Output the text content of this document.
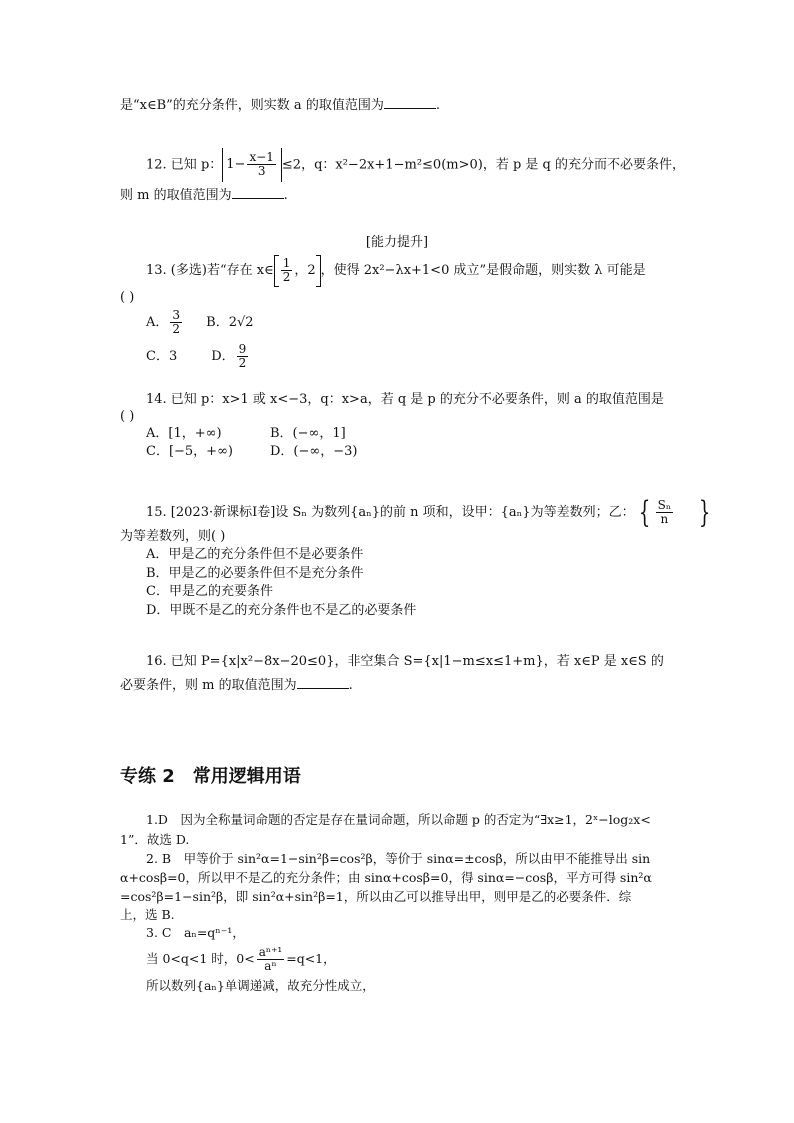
是“x∈B”的充分条件，则实数 a 的取值范围为	.
12. 已知 p： $1- \frac{x-1}{3} \le 2$，q：x²−2x+1−m²≤0(m>0)，若 p 是 q 的充分而不必要条件，
则 m 的取值范围为	.
[能力提升]
13. (多选)若“存在 x∈ $\frac{1}{2}$ ，2 ，使得 2x²−λx+1<0 成立”是假命题，则实数 λ 可能是
( )
A． $\frac{3}{2}$ B．2√2
C．3	D． $\frac{9}{2}$
14. 已知 p：x>1 或 x<−3，q：x>a，若 q 是 p 的充分不必要条件，则 a 的取值范围是
( )
A．[1，+∞)	B．(−∞，1]
C．[−5，+∞)	D．(−∞，−3)
15. [2023·新课标Ⅰ卷]设 Sₙ 为数列{aₙ}的前 n 项和，设甲：{aₙ}为等差数列；乙： { $\frac{\text{Sₙ}}{n}$ }
为等差数列，则( )
A．甲是乙的充分条件但不是必要条件
B．甲是乙的必要条件但不是充分条件
C．甲是乙的充要条件
D．甲既不是乙的充分条件也不是乙的必要条件
16. 已知 P={x|x²−8x−20≤0}，非空集合 S={x|1−m≤x≤1+m}，若 x∈P 是 x∈S 的
必要条件，则 m 的取值范围为	.
专练 2　常用逻辑用语
1.D　因为全称量词命题的否定是存在量词命题，所以命题 p 的否定为“∃x≥1，2ˣ−log₂x<
1”．故选 D.
2. B　甲等价于 sin²α=1−sin²β=cos²β，等价于 sinα=±cosβ，所以由甲不能推导出 sin
α+cosβ=0，所以甲不是乙的充分条件；由 sinα+cosβ=0，得 sinα=−cosβ，平方可得 sin²α
=cos²β=1−sin²β，即 sin²α+sin²β=1，所以由乙可以推导出甲，则甲是乙的必要条件．综
上，选 B.
3. C　aₙ=qⁿ⁻¹，
当 0<q<1 时，$0< \frac{\text{aⁿ⁺¹}}{\text{aⁿ}} =q<1$，
所以数列{aₙ}单调递减，故充分性成立，
